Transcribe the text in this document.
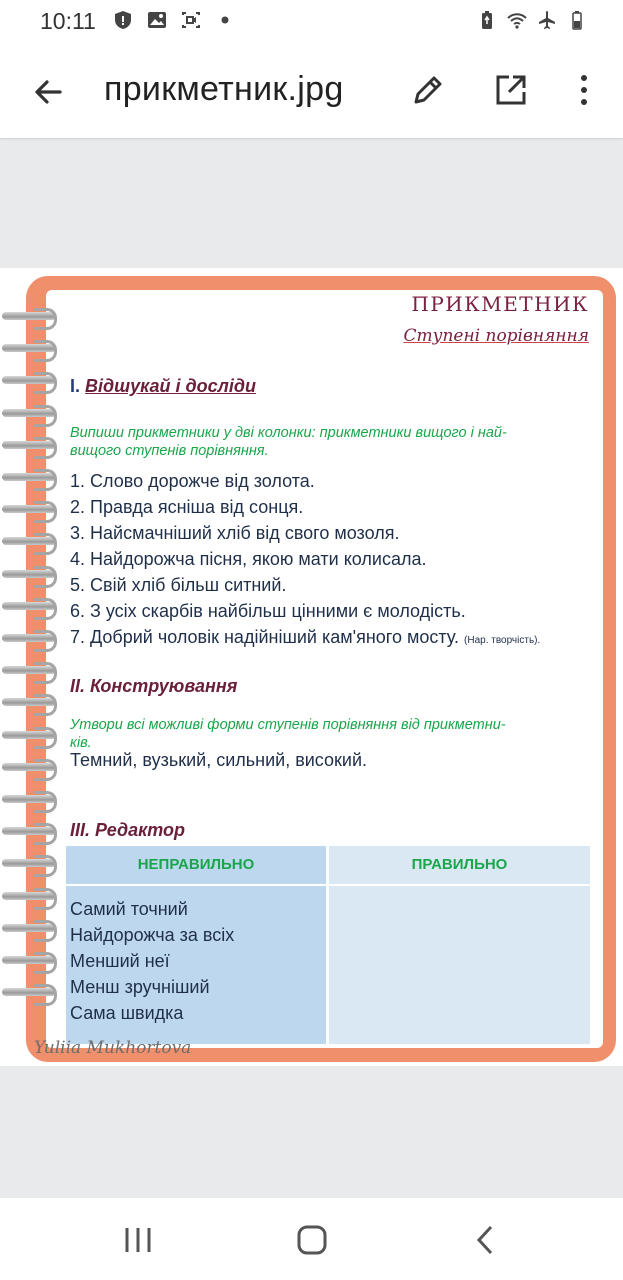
10:11
прикметник.jpg
ПРИКМЕТНИК
Ступені порівняння
І. Відшукай і досліди
Випиши прикметники у дві колонки: прикметники вищого і най-
вищого ступенів порівняння.
1. Слово дорожче від золота.
2. Правда ясніша від сонця.
3. Найсмачніший хліб від свого мозоля.
4. Найдорожча пісня, якою мати колисала.
5. Свій хліб більш ситний.
6. З усіх скарбів найбільш цінними є молодість.
7. Добрий чоловік надійніший кам'яного мосту. (Нар. творчість).
ІІ. Конструювання
Утвори всі можливі форми ступенів порівняння від прикметни-
ків.
Темний, вузький, сильний, високий.
ІІІ. Редактор
НЕПРАВИЛЬНО	ПРАВИЛЬНО
Самий точний
Найдорожча за всіх
Менший неї
Менш зручніший
Сама швидка
Yuliia Mukhortova
